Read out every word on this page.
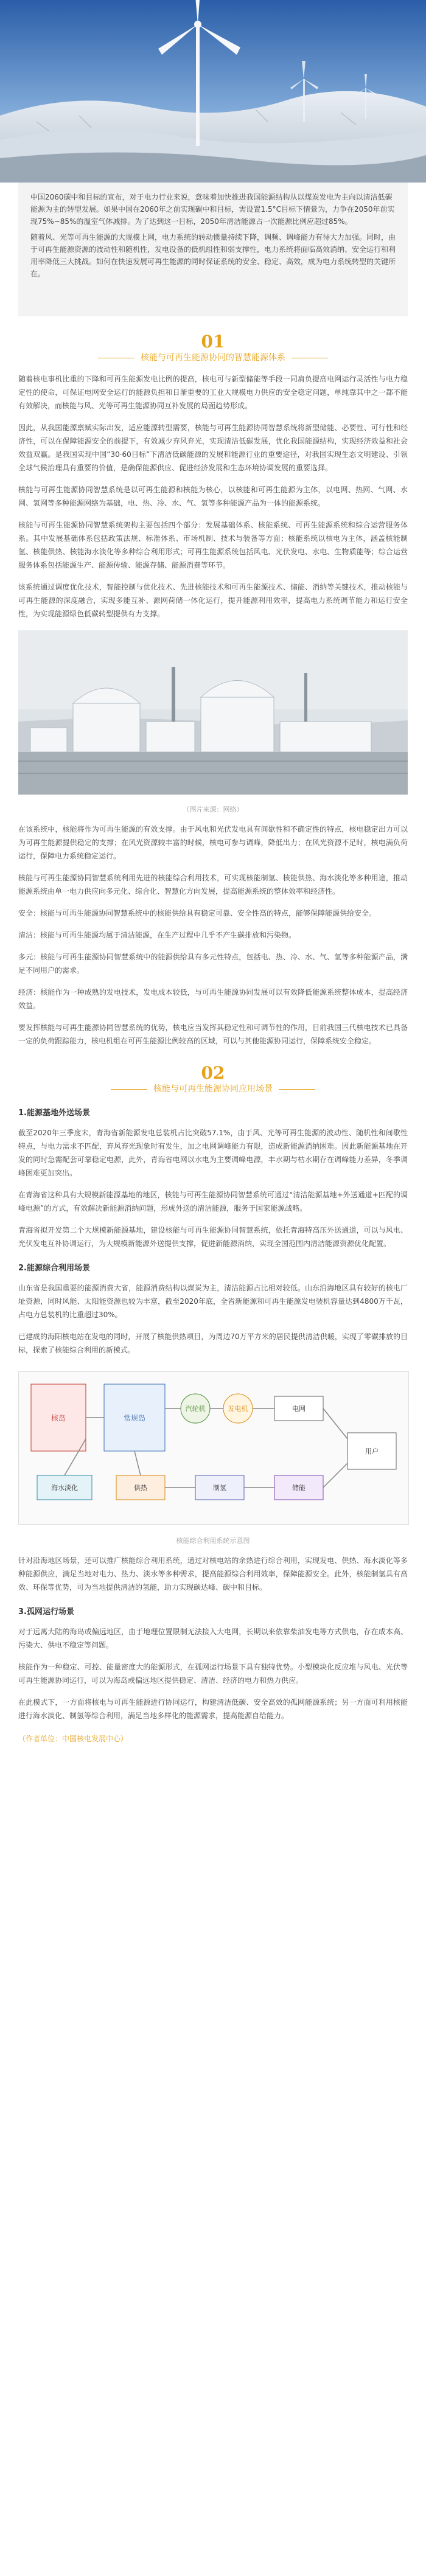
中国2060碳中和目标的宣布，对于电力行业来说，意味着加快推进我国能源结构从以煤炭发电为主向以清洁低碳能源为主的转型发展。如果中国在2060年之前实现碳中和目标，需设置1.5°C目标下情景为，力争在2050年前实现75%~85%的温室气体减排。为了达到这一目标，2050年清洁能源占一次能源比例应超过85%。

随着风、光等可再生能源的大规模上网，电力系统的转动惯量持续下降，调频、调峰能力有待大力加强。同时，由于可再生能源资源的波动性和随机性，发电设备的低机组性和弱支撑性，电力系统将面临高效消纳、安全运行和利用率降低三大挑战。如何在快速发展可再生能源的同时保证系统的安全、稳定、高效，成为电力系统转型的关键所在。

01
核能与可再生能源协同的智慧能源体系
随着核电事机比重的下降和可再生能源发电比例的提高，核电可与新型储能等手段一同肩负提高电网运行灵活性与电力稳定性的使命，可保证电网安全运行的能源负担和日渐重要的工业大规模电力供应的安全稳定问题，单纯靠其中之一都不能有效解决，而核能与风、光等可再生能源协同互补发展的局面趋势形成。
因此，从我国能源禀赋实际出发，适应能源转型需要，核能与可再生能源协同智慧系统将新型储能、必要性、可行性和经济性，可以在保障能源安全的前提下，有效减少弃风弃光，实现清洁低碳发展，优化我国能源结构，实现经济效益和社会效益双赢。是我国实现中国“30·60目标”下清洁低碳能源的发展和能源行业的重要途径，对我国实现生态文明建设、引领全球气候治理具有重要的价值，是确保能源供应、促进经济发展和生态环境协调发展的重要选择。
核能与可再生能源协同智慧系统是以可再生能源和核能为核心，以核能和可再生能源为主体，以电网、热网、气网、水网、氢网等多种能源网络为基础，电、热、冷、水、气、氢等多种能源产品为一体的能源系统。
核能与可再生能源协同智慧系统架构主要包括四个部分：发展基础体系、核能系统、可再生能源系统和综合运营服务体系。其中发展基础体系包括政策法规、标准体系、市场机制、技术与装备等方面；核能系统以核电为主体，涵盖核能制氢、核能供热、核能海水淡化等多种综合利用形式；可再生能源系统包括风电、光伏发电、水电、生物质能等；综合运营服务体系包括能源生产、能源传输、能源存储、能源消费等环节。
该系统通过调度优化技术，智能控制与优化技术、先进核能技术和可再生能源技术、储能、消纳等关键技术，推动核能与可再生能源的深度融合，实现多能互补、源网荷储一体化运行，提升能源利用效率，提高电力系统调节能力和运行安全性，为实现能源绿色低碳转型提供有力支撑。
（图片来源：网络）
在该系统中，核能将作为可再生能源的有效支撑。由于风电和光伏发电具有间歇性和不确定性的特点，核电稳定出力可以为可再生能源提供稳定的支撑；在风光资源较丰富的时候，核电可参与调峰，降低出力；在风光资源不足时，核电满负荷运行，保障电力系统稳定运行。
核能与可再生能源协同智慧系统利用先进的核能综合利用技术，可实现核能制氢、核能供热、海水淡化等多种用途，推动能源系统由单一电力供应向多元化、综合化、智慧化方向发展，提高能源系统的整体效率和经济性。
安全：核能与可再生能源协同智慧系统中的核能供给具有稳定可靠、安全性高的特点，能够保障能源供给安全。
清洁：核能与可再生能源均属于清洁能源，在生产过程中几乎不产生碳排放和污染物。
多元：核能与可再生能源协同智慧系统中的能源供给具有多元性特点，包括电、热、冷、水、气、氢等多种能源产品，满足不同用户的需求。
经济：核能作为一种成熟的发电技术，发电成本较低，与可再生能源协同发展可以有效降低能源系统整体成本，提高经济效益。
要发挥核能与可再生能源协同智慧系统的优势，核电应当发挥其稳定性和可调节性的作用，目前我国三代核电技术已具备一定的负荷跟踪能力，核电机组在可再生能源比例较高的区域，可以与其他能源协同运行，保障系统安全稳定。
02
核能与可再生能源协同应用场景
1.能源基地外送场景
截至2020年三季度末，青海省新能源发电总装机占比突破57.1%，由于风、光等可再生能源的波动性、随机性和间歇性特点，与电力需求不匹配，弃风弃光现象时有发生，加之电网调峰能力有限，造成新能源消纳困难。因此新能源基地在开发的同时急需配套可靠稳定电源，此外，青海省电网以水电为主要调峰电源，丰水期与枯水期存在调峰能力差异，冬季调峰困难更加突出。
在青海省这种具有大规模新能源基地的地区，核能与可再生能源协同智慧系统可通过“清洁能源基地+外送通道+匹配的调峰电源”的方式，有效解决新能源消纳问题，形成外送的清洁能源，服务于国家能源战略。
青海省拟开发第二个大规模新能源基地，建设核能与可再生能源协同智慧系统，依托青海特高压外送通道，可以与风电、光伏发电互补协调运行，为大规模新能源外送提供支撑，促进新能源消纳，实现全国范围内清洁能源资源优化配置。
2.能源综合利用场景
山东省是我国重要的能源消费大省，能源消费结构以煤炭为主，清洁能源占比相对较低。山东沿海地区具有较好的核电厂址资源，同时风能、太阳能资源也较为丰富，截至2020年底，全省新能源和可再生能源发电装机容量达到4800万千瓦，占电力总装机的比重超过30%。
已建成的海阳核电站在发电的同时，开展了核能供热项目，为周边70万平方米的居民提供清洁供暖，实现了零碳排放的目标，探索了核能综合利用的新模式。
核岛	常规岛
汽轮机	发电机	电网
供热
海水淡化
用户
制氢	储能
核能综合利用系统示意图
针对沿海地区场景，还可以推广核能综合利用系统，通过对核电站的余热进行综合利用，实现发电、供热、海水淡化等多种能源供应，满足当地对电力、热力、淡水等多种需求，提高能源综合利用效率，保障能源安全。此外，核能制氢具有高效、环保等优势，可为当地提供清洁的氢能，助力实现碳达峰、碳中和目标。
3.孤网运行场景
对于远离大陆的海岛或偏远地区，由于地理位置限制无法接入大电网，长期以来依靠柴油发电等方式供电，存在成本高、污染大、供电不稳定等问题。
核能作为一种稳定、可控、能量密度大的能源形式，在孤网运行场景下具有独特优势。小型模块化反应堆与风电、光伏等可再生能源协同运行，可以为海岛或偏远地区提供稳定、清洁、经济的电力和热力供应。
在此模式下，一方面将核电与可再生能源进行协同运行，构建清洁低碳、安全高效的孤网能源系统；另一方面可利用核能进行海水淡化、制氢等综合利用，满足当地多样化的能源需求，提高能源自给能力。
（作者单位：中国核电发展中心）
